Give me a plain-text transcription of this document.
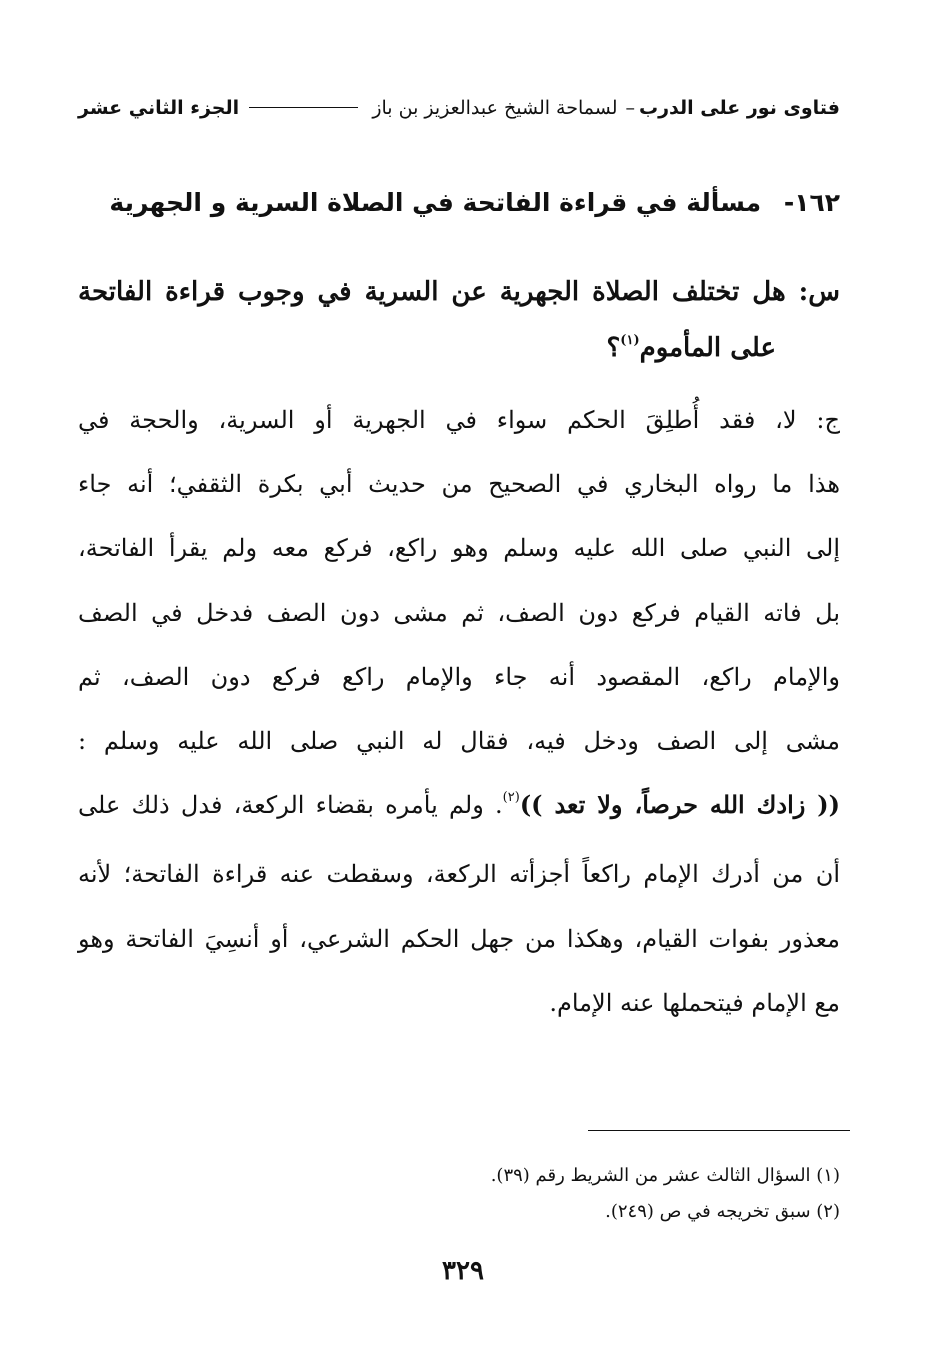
فتاوى نور على الدرب
–
لسماحة الشيخ عبدالعزيز بن باز
الجزء الثاني عشر
١٦٢- مسألة في قراءة الفاتحة في الصلاة السرية و الجهرية
س: هل تختلف الصلاة الجهرية عن السرية في وجوب قراءة الفاتحة
على المأموم$^{(١)}$؟
ج: لا، فقد أُطلِقَ الحكم سواء في الجهرية أو السرية، والحجة في
هذا ما رواه البخاري في الصحيح من حديث أبي بكرة الثقفي؛ أنه جاء
إلى النبي صلى الله عليه وسلم وهو راكع، فركع معه ولم يقرأ الفاتحة،
بل فاته القيام فركع دون الصف، ثم مشى دون الصف فدخل في الصف
والإمام راكع، المقصود أنه جاء والإمام راكع فركع دون الصف، ثم
مشى إلى الصف ودخل فيه، فقال له النبي صلى الله عليه وسلم :
(( زادك الله حرصاً، ولا تعد ))$^{(٢)}$. ولم يأمره بقضاء الركعة، فدل ذلك على
أن من أدرك الإمام راكعاً أجزأته الركعة، وسقطت عنه قراءة الفاتحة؛ لأنه
معذور بفوات القيام، وهكذا من جهل الحكم الشرعي، أو أنسِيَ الفاتحة وهو
مع الإمام فيتحملها عنه الإمام.
(١) السؤال الثالث عشر من الشريط رقم (٣٩).
(٢) سبق تخريجه في ص (٢٤٩).
٣٢٩
